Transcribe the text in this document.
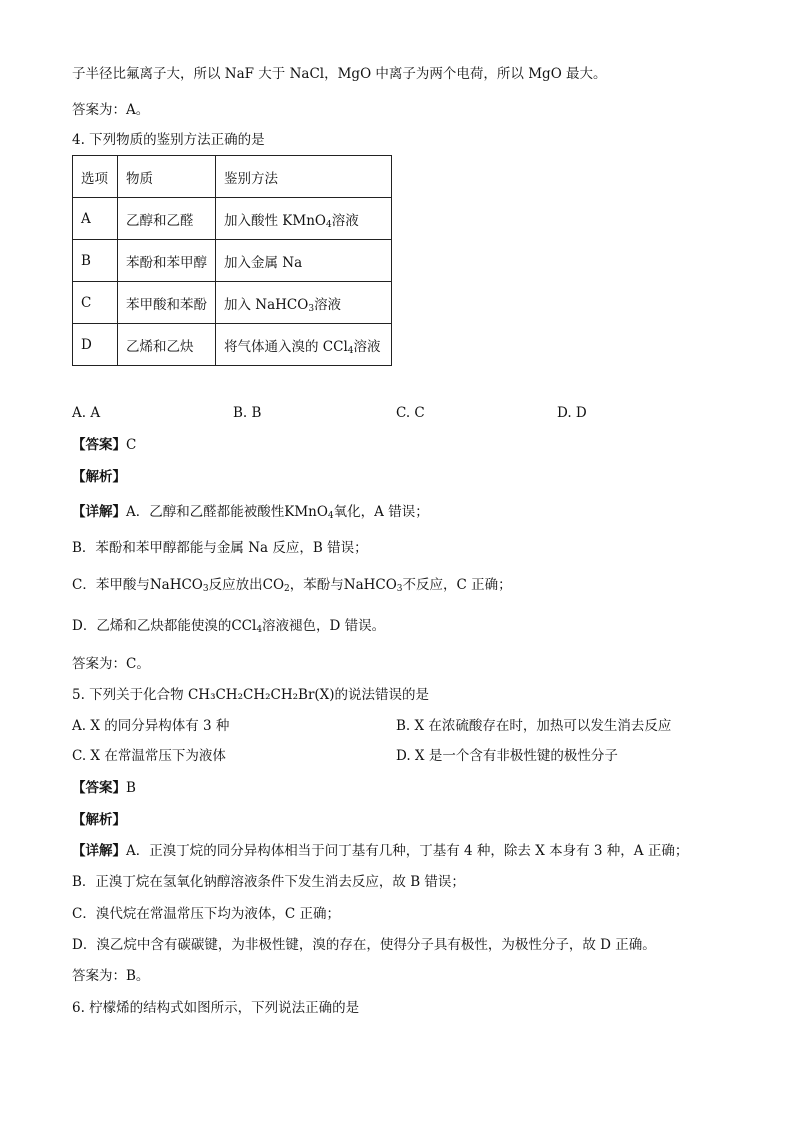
子半径比氟离子大，所以 NaF 大于 NaCl，MgO 中离子为两个电荷，所以 MgO 最大。
答案为：A。
4. 下列物质的鉴别方法正确的是
选项	物质	鉴别方法
A	乙醇和乙醛	加入酸性 KMnO$_4$溶液
B	苯酚和苯甲醇	加入金属 Na
C	苯甲酸和苯酚	加入 NaHCO$_3$溶液
D	乙烯和乙炔	将气体通入溴的 CCl$_4$溶液
A. A	B. B	C. C	D. D
【答案】C
【解析】
【详解】A．乙醇和乙醛都能被酸性KMnO$_4$氧化，A 错误；
B．苯酚和苯甲醇都能与金属 Na 反应，B 错误；
C．苯甲酸与NaHCO$_3$反应放出$CO_2$，苯酚与NaHCO$_3$不反应，C 正确；
D．乙烯和乙炔都能使溴的CCl$_4$溶液褪色，D 错误。
答案为：C。
5. 下列关于化合物 CH₃CH₂CH₂CH₂Br(X)的说法错误的是
A. X 的同分异构体有 3 种	B. X 在浓硫酸存在时，加热可以发生消去反应
C. X 在常温常压下为液体	D. X 是一个含有非极性键的极性分子
【答案】B
【解析】
【详解】A．正溴丁烷的同分异构体相当于问丁基有几种，丁基有 4 种，除去 X 本身有 3 种，A 正确；
B．正溴丁烷在氢氧化钠醇溶液条件下发生消去反应，故 B 错误；
C．溴代烷在常温常压下均为液体，C 正确；
D．溴乙烷中含有碳碳键，为非极性键，溴的存在，使得分子具有极性，为极性分子，故 D 正确。
答案为：B。
6. 柠檬烯的结构式如图所示，下列说法正确的是
